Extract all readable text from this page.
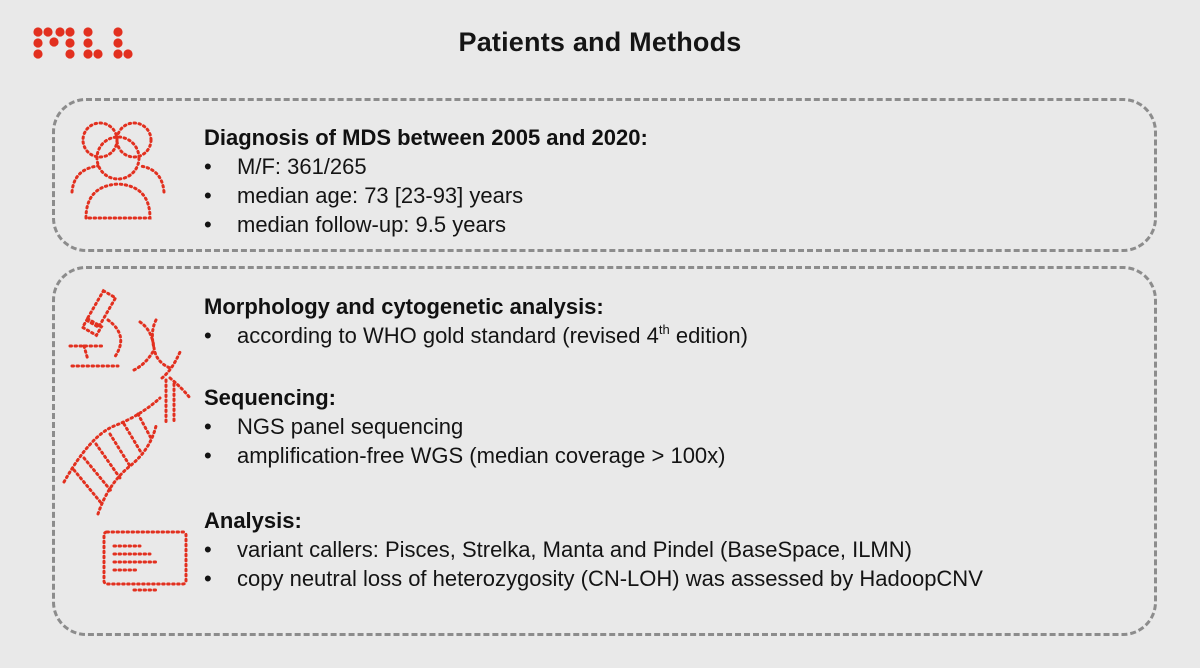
Patients and Methods
Diagnosis of MDS between 2005 and 2020:
• M/F: 361/265
• median age: 73 [23-93] years
• median follow-up: 9.5 years
Morphology and cytogenetic analysis:
• according to WHO gold standard (revised 4th edition)
Sequencing:
• NGS panel sequencing
• amplification-free WGS (median coverage > 100x)
Analysis:
• variant callers: Pisces, Strelka, Manta and Pindel (BaseSpace, ILMN)
• copy neutral loss of heterozygosity (CN-LOH) was assessed by HadoopCNV
